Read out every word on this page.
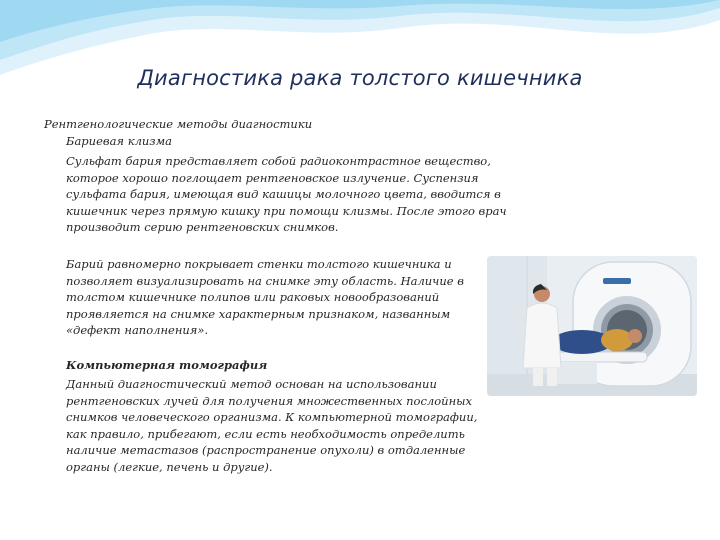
Диагностика рака толстого кишечника
Рентгенологические методы диагностики
Бариевая клизма
Сульфат бария представляет собой радиоконтрастное вещество, которое хорошо поглощает рентгеновское излучение. Суспензия сульфата бария, имеющая вид кашицы молочного цвета, вводится в кишечник через прямую кишку при помощи клизмы. После этого врач производит серию рентгеновских снимков.
Барий равномерно покрывает стенки толстого кишечника и позволяет визуализировать на снимке эту область. Наличие в толстом кишечнике полипов или раковых новообразований проявляется на снимке характерным признаком, названным «дефект наполнения».
Компьютерная томография
Данный диагностический метод основан на использовании рентгеновских лучей для получения множественных послойных снимков человеческого организма. К компьютерной томографии, как правило, прибегают, если есть необходимость определить наличие метастазов (распространение опухоли) в отдаленные органы (легкие, печень и другие).
